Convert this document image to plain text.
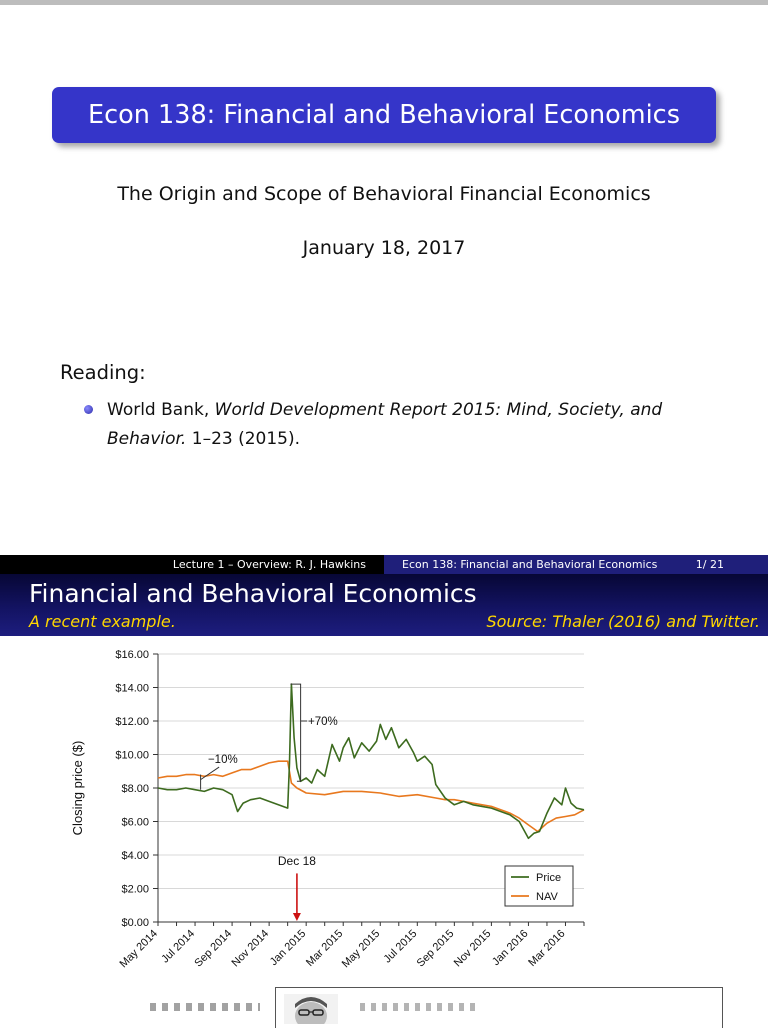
Econ 138: Financial and Behavioral Economics
The Origin and Scope of Behavioral Financial Economics
January 18, 2017
Reading:
World Bank, World Development Report 2015: Mind, Society, and Behavior. 1–23 (2015).
Lecture 1 – Overview: R. J. Hawkins	Econ 138: Financial and Behavioral Economics	1/ 21
Financial and Behavioral Economics
A recent example.	Source: Thaler (2016) and Twitter.
$0.00
$2.00
$4.00
$6.00
$8.00
$10.00
$12.00
$14.00
$16.00
May 2014 Jul 2014
Sep 2014
Nov 2014
Jan 2015
Mar 2015
May 2015 Jul 2015
Sep 2015
Nov 2015
Jan 2016
Mar 2016
Closing price ($)	−10%
+70%
Dec 18
Price
NAV
